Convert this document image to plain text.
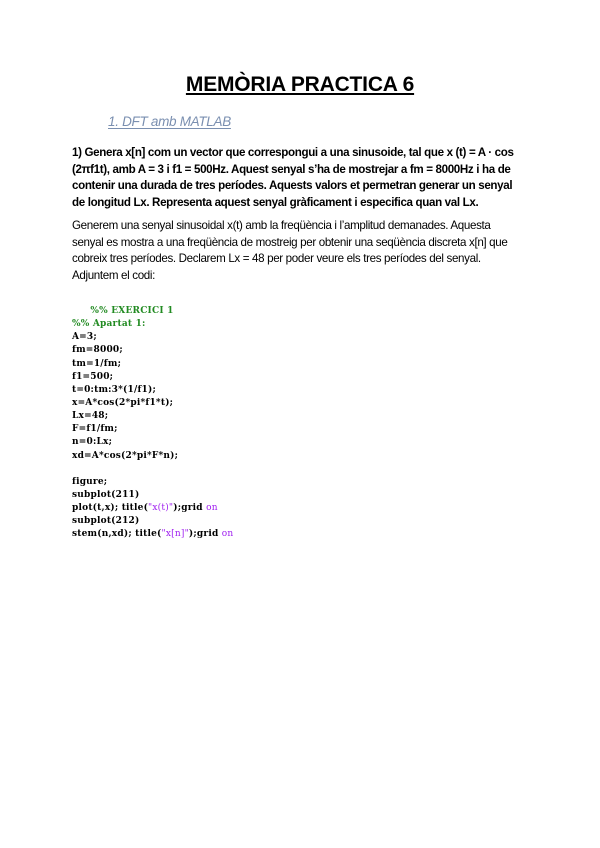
MEMÒRIA PRACTICA 6
1. DFT amb MATLAB
1) Genera x[n] com un vector que correspongui a una sinusoide, tal que x (t) = A · cos
(2πf1t), amb A = 3 i f1 = 500Hz. Aquest senyal s’ha de mostrejar a fm = 8000Hz i ha de
contenir una durada de tres períodes. Aquests valors et permetran generar un senyal
de longitud Lx. Representa aquest senyal gràficament i especifica quan val Lx.
Generem una senyal sinusoidal x(t) amb la freqüència i l’amplitud demanades. Aquesta
senyal es mostra a una freqüència de mostreig per obtenir una seqüència discreta x[n] que
cobreix tres períodes. Declarem Lx = 48 per poder veure els tres períodes del senyal.
Adjuntem el codi:
%% EXERCICI 1
%% Apartat 1:
A=3;
fm=8000;
tm=1/fm;
f1=500;
t=0:tm:3*(1/f1);
x=A*cos(2*pi*f1*t);
Lx=48;
F=f1/fm;
n=0:Lx;
xd=A*cos(2*pi*F*n);

figure;
subplot(211)
plot(t,x); title("x(t)");grid on
subplot(212)
stem(n,xd); title("x[n]");grid on
